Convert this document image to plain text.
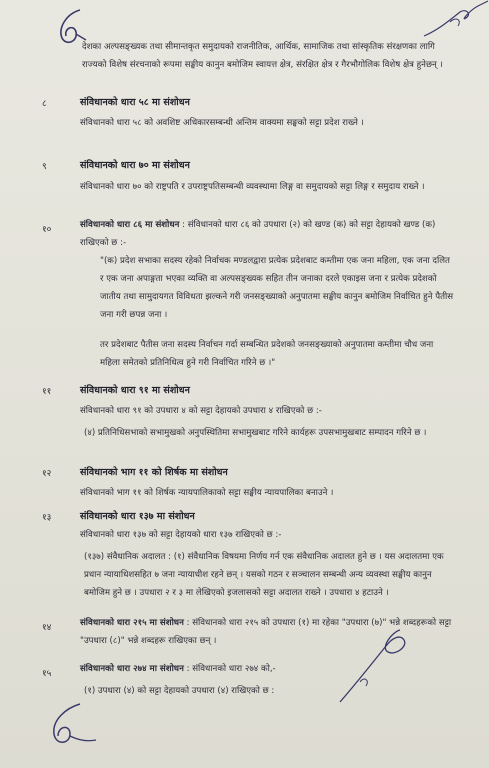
देशका अल्पसङ्ख्यक तथा सीमान्तकृत समुदायको राजनीतिक, आर्थिक, सामाजिक तथा सांस्कृतिक संरक्षणका लागि राज्यको विशेष संरचनाको रूपमा सङ्घीय कानुन बमोजिम स्वायत्त क्षेत्र, संरक्षित क्षेत्र र गैरभौगोलिक विशेष क्षेत्र हुनेछन् ।

८	संविधानको धारा ५८ मा संशोधन

संविधानको धारा ५८ को अवशिष्ट अधिकारसम्बन्धी अन्तिम वाक्यमा सङ्घको सट्टा प्रदेश राख्ने ।

९	संविधानको धारा ७० मा संशोधन

संविधानको धारा ७० को राष्ट्रपति र उपराष्ट्रपतिसम्बन्धी व्यवस्थामा लिङ्ग वा समुदायको सट्टा लिङ्ग र समुदाय राख्ने ।

१०	संविधानको धारा ८६ मा संशोधन : संविधानको धारा ८६ को उपधारा (२) को खण्ड (क) को सट्टा देहायको खण्ड (क) राखिएको छ :-

"(क) प्रदेश सभाका सदस्य रहेको निर्वाचक मण्डलद्वारा प्रत्येक प्रदेशबाट कम्तीमा एक जना महिला, एक जना दलित र एक जना अपाङ्गता भएका व्यक्ति वा अल्पसङ्ख्यक सहित तीन जनाका दरले एकाइस जना र प्रत्येक प्रदेशको जातीय तथा सामुदायगत विविधता झल्कने गरी जनसङ्ख्याको अनुपातमा सङ्घीय कानुन बमोजिम निर्वाचित हुने पैतीस जना गरी छपन्न जना ।

तर प्रदेशबाट पैतीस जना सदस्य निर्वाचन गर्दा सम्बन्धित प्रदेशको जनसङ्ख्याको अनुपातमा कम्तीमा चौध जना महिला समेतको प्रतिनिधित्व हुने गरी निर्वाचित गरिने छ ।"

११	संविधानको धारा ९१ मा संशोधन

संविधानको धारा ९१ को उपधारा ४ को सट्टा देहायको उपधारा ४ राखिएको छ :-

(४) प्रतिनिधिसभाको सभामुखको अनुपस्थितिमा सभामुखबाट गरिने कार्यहरू उपसभामुखबाट सम्पादन गरिने छ ।

१२	संविधानको भाग ११ को शिर्षक मा संशोधन

संविधानको भाग ११ को शिर्षक न्यायपालिकाको सट्टा सङ्घीय न्यायपालिका बनाउने ।

१३	संविधानको धारा १३७ मा संशोधन

संविधानको धारा १३७ को सट्टा देहायको धारा १३७ राखिएको छ :-

(१३७) संवैधानिक अदालत : (१) संवैधानिक विषयमा निर्णय गर्न एक संवैधानिक अदालत हुने छ । यस अदालतमा एक प्रधान न्यायाधिशसहित ७ जना न्यायाधीश रहने छन् । यसको गठन र सञ्चालन सम्बन्धी अन्य व्यवस्था सङ्घीय कानुन बमोजिम हुने छ । उपधारा २ र ३ मा लेखिएको इजलासको सट्टा अदालत राख्ने । उपधारा ४ हटाउने ।

१४	संविधानको धारा २१५ मा संशोधन : संविधानको धारा २१५ को उपधारा (१) मा रहेका "उपधारा (७)" भन्ने शब्दहरूको सट्टा "उपधारा (८)" भन्ने शब्दहरू राखिएका छन् ।

१५	संविधानको धारा २७४ मा संशोधन : संविधानको धारा २७४ को,-

(१) उपधारा (४) को सट्टा देहायको उपधारा (४) राखिएको छ :
